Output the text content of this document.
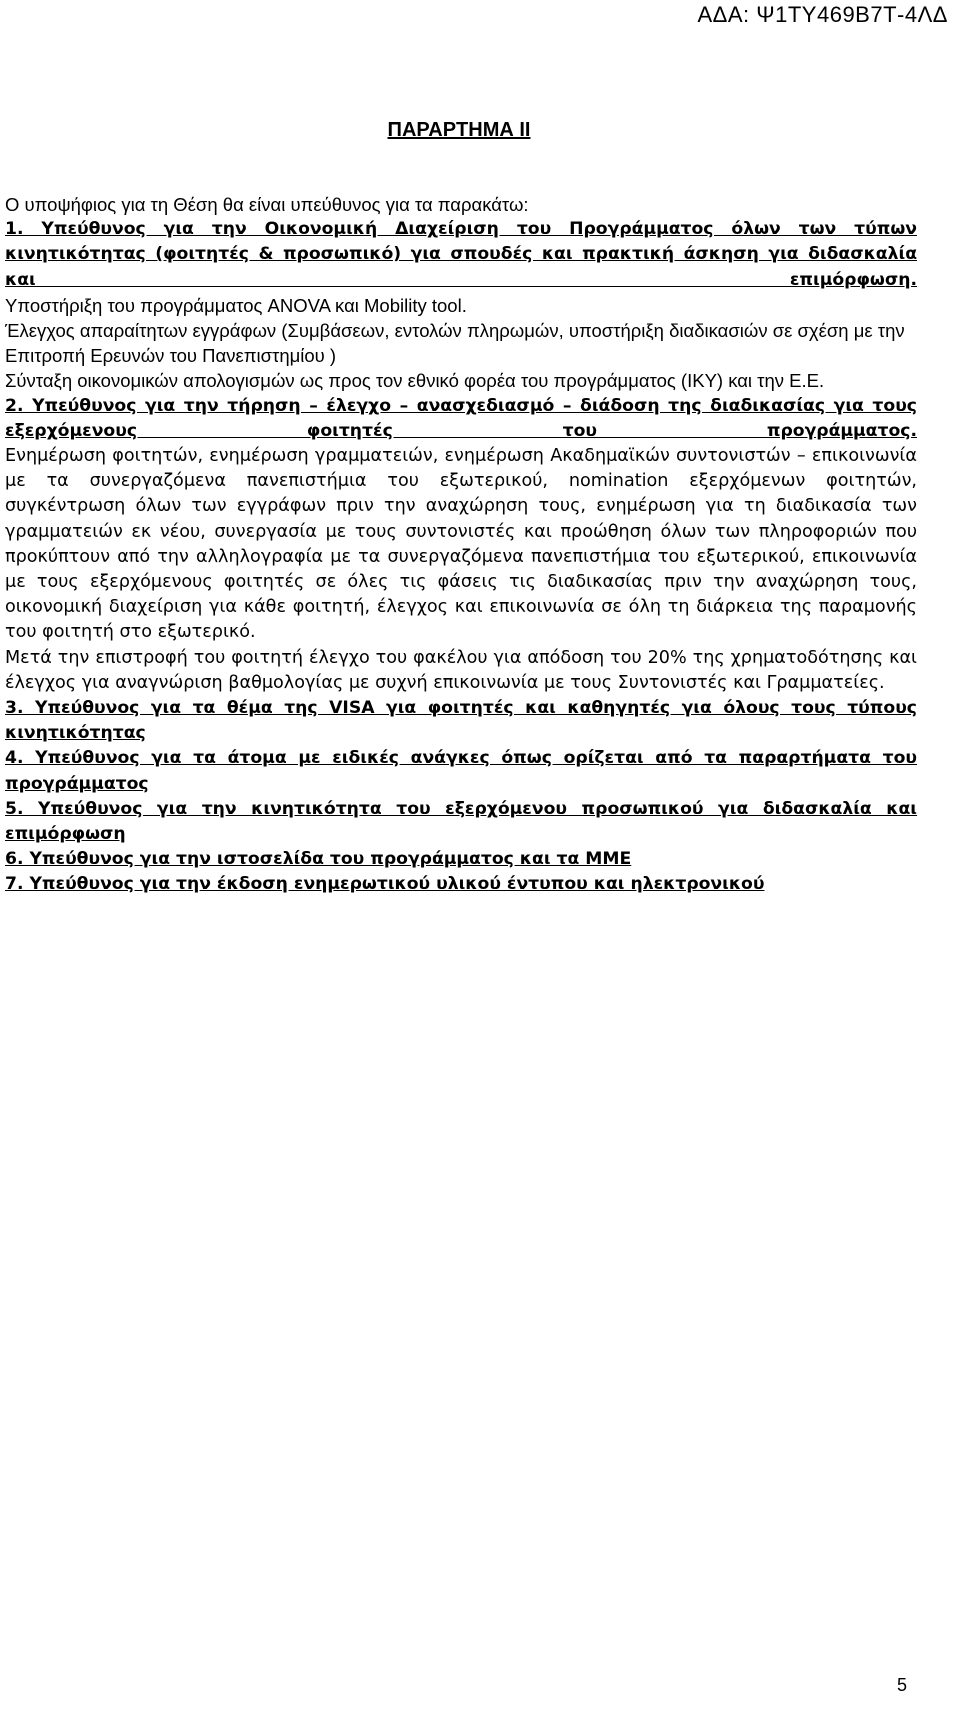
ΑΔΑ: Ψ1ΤΥ469Β7Τ-4ΛΔ
ΠΑΡΑΡΤΗΜΑ ΙΙ

Ο υποψήφιος για τη Θέση θα είναι υπεύθυνος για τα παρακάτω:

1. Υπεύθυνος για την Οικονομική Διαχείριση του Προγράμματος όλων των τύπων κινητικότητας (φοιτητές & προσωπικό) για σπουδές και πρακτική άσκηση για διδασκαλία και επιμόρφωση.

Υποστήριξη του προγράμματος ANOVA και Mobility tool.

Έλεγχος απαραίτητων εγγράφων (Συμβάσεων, εντολών πληρωμών, υποστήριξη διαδικασιών σε σχέση με την Επιτροπή Ερευνών του Πανεπιστημίου )

Σύνταξη οικονομικών απολογισμών ως προς τον εθνικό φορέα του προγράμματος (ΙΚΥ) και την Ε.Ε.

2. Υπεύθυνος για την τήρηση – έλεγχο – ανασχεδιασμό – διάδοση της διαδικασίας για τους εξερχόμενους φοιτητές του προγράμματος.

Ενημέρωση φοιτητών, ενημέρωση γραμματειών, ενημέρωση Ακαδημαϊκών συντονιστών – επικοινωνία με τα συνεργαζόμενα πανεπιστήμια του εξωτερικού, nomination εξερχόμενων φοιτητών, συγκέντρωση όλων των εγγράφων πριν την αναχώρηση τους, ενημέρωση για τη διαδικασία των γραμματειών εκ νέου, συνεργασία με τους συντονιστές και προώθηση όλων των πληροφοριών που προκύπτουν από την αλληλογραφία με τα συνεργαζόμενα πανεπιστήμια του εξωτερικού, επικοινωνία με τους εξερχόμενους φοιτητές σε όλες τις φάσεις τις διαδικασίας πριν την αναχώρηση τους, οικονομική διαχείριση για κάθε φοιτητή, έλεγχος και επικοινωνία σε όλη τη διάρκεια της παραμονής του φοιτητή στο εξωτερικό.

Μετά την επιστροφή του φοιτητή έλεγχο του φακέλου για απόδοση του 20% της χρηματοδότησης και έλεγχος για αναγνώριση βαθμολογίας με συχνή επικοινωνία με τους Συντονιστές και Γραμματείες.

3. Υπεύθυνος για τα θέμα της VISA για φοιτητές και καθηγητές για όλους τους τύπους κινητικότητας

4. Υπεύθυνος για τα άτομα με ειδικές ανάγκες όπως ορίζεται από τα παραρτήματα του προγράμματος

5. Υπεύθυνος για την κινητικότητα του εξερχόμενου προσωπικού για διδασκαλία και επιμόρφωση

6. Υπεύθυνος για την ιστοσελίδα του προγράμματος και τα ΜΜΕ

7. Υπεύθυνος για την έκδοση ενημερωτικού υλικού έντυπου και ηλεκτρονικού

5
